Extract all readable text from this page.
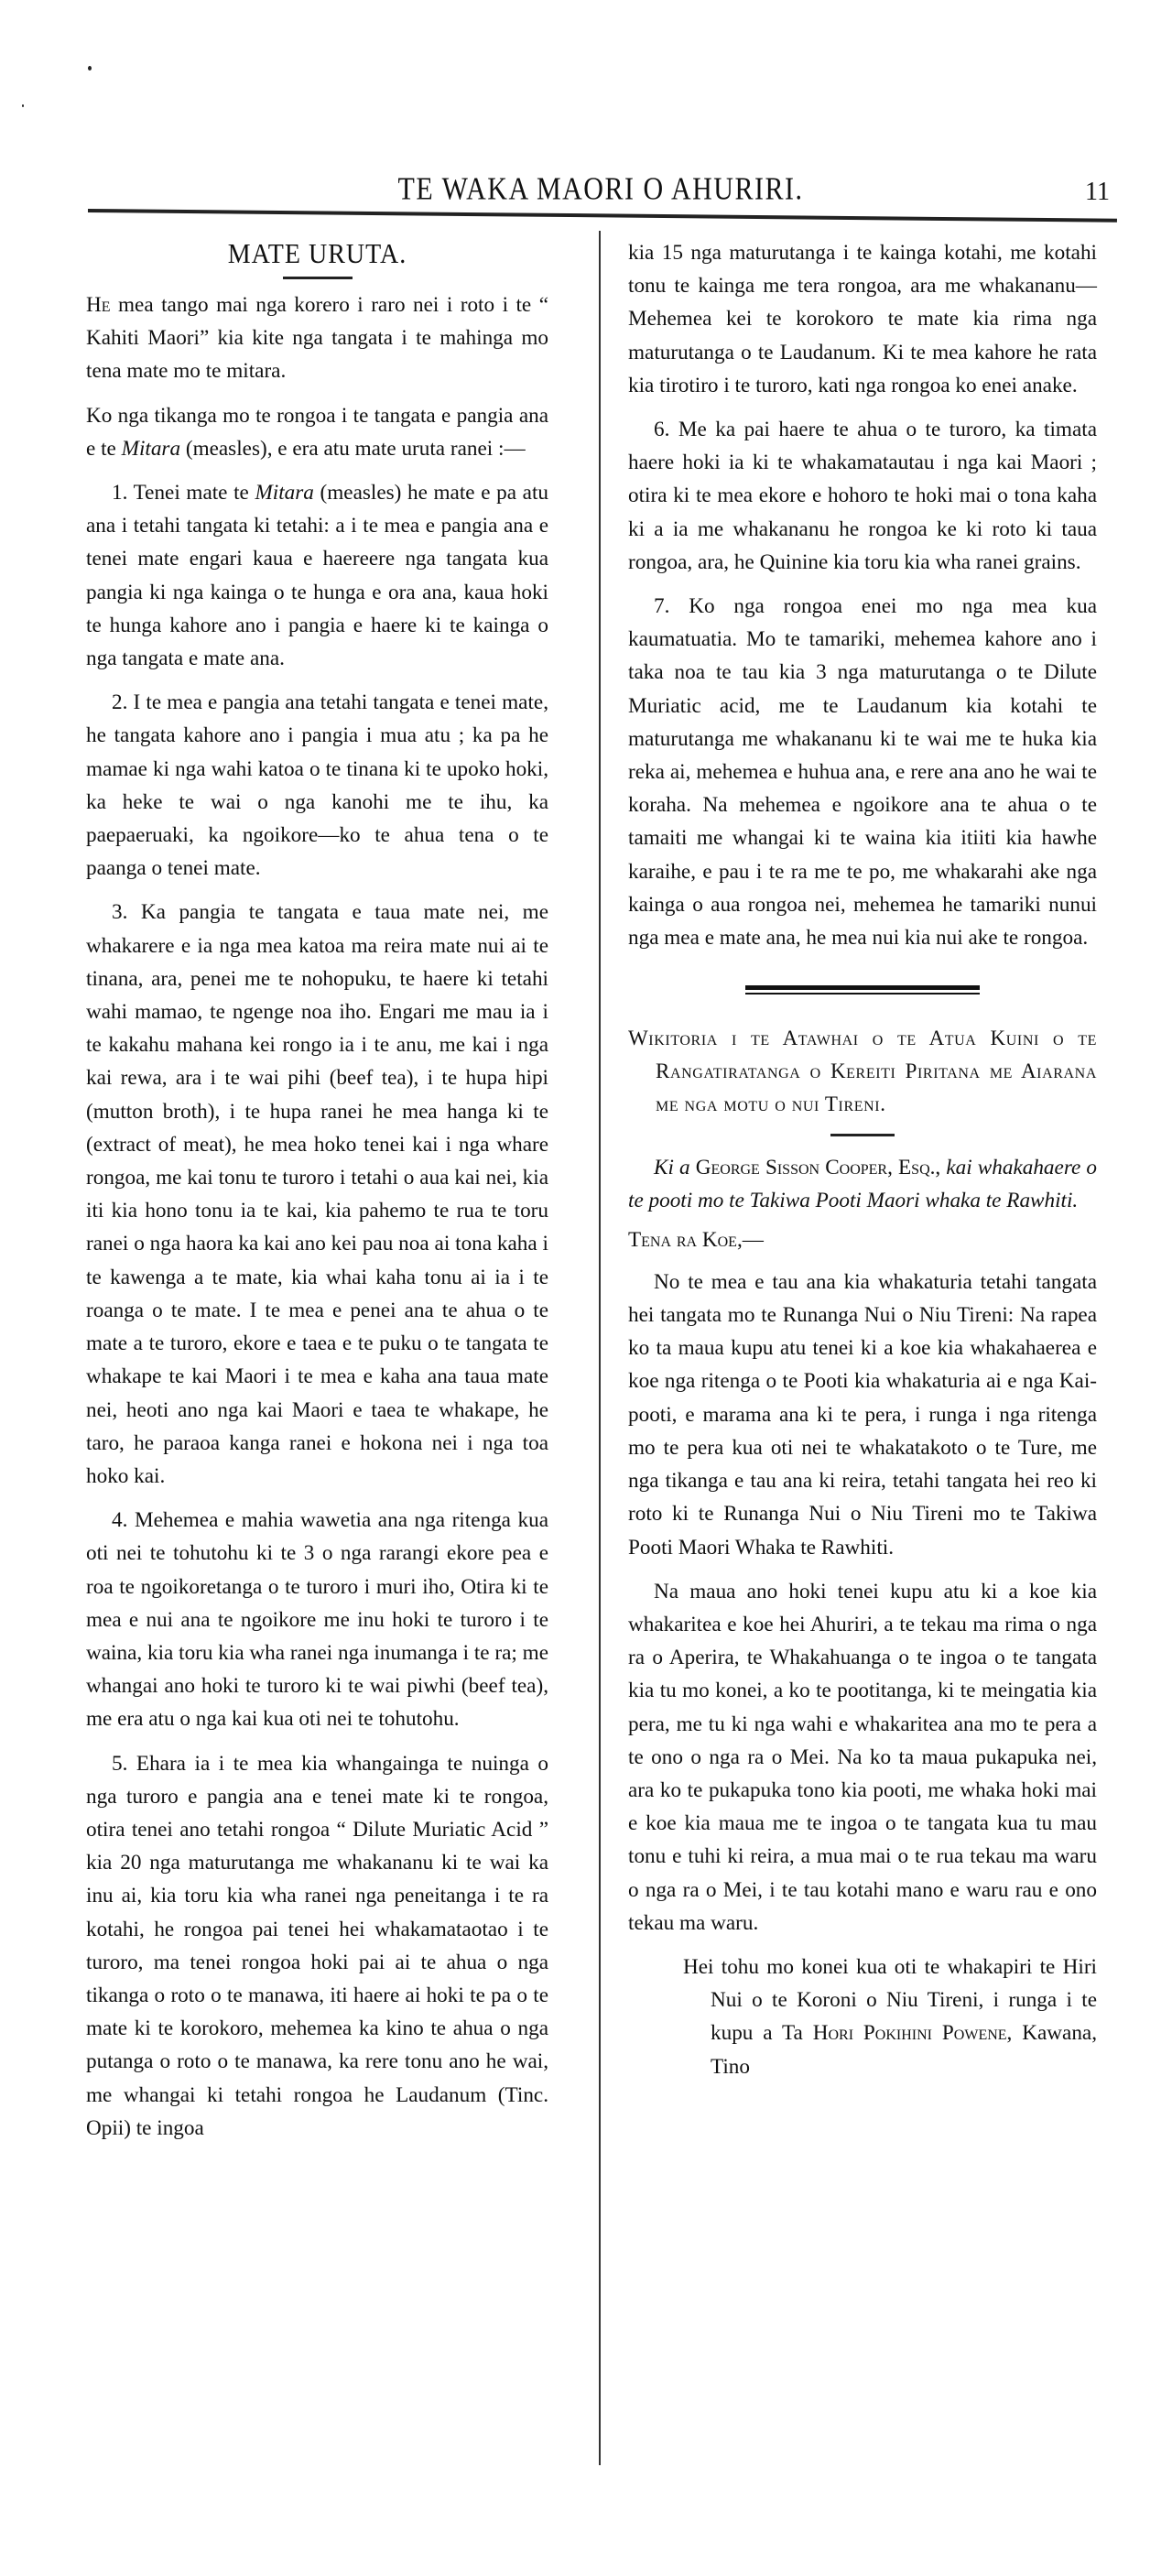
TE WAKA MAORI O AHURIRI.	11
MATE URUTA.

He mea tango mai nga korero i raro nei i roto i te “ Kahiti Maori” kia kite nga tangata i te mahinga mo tena mate mo te mitara.

Ko nga tikanga mo te rongoa i te tangata e pangia ana e te Mitara (measles), e era atu mate uruta ranei :—

1. Tenei mate te Mitara (measles) he mate e pa atu ana i tetahi tangata ki tetahi: a i te mea e pangia ana e tenei mate engari kaua e haereere nga tangata kua pangia ki nga kainga o te hunga e ora ana, kaua hoki te hunga kahore ano i pangia e haere ki te kainga o nga tangata e mate ana.

2. I te mea e pangia ana tetahi tangata e tenei mate, he tangata kahore ano i pangia i mua atu ; ka pa he mamae ki nga wahi katoa o te tinana ki te upoko hoki, ka heke te wai o nga kanohi me te ihu, ka paepaeruaki, ka ngoikore—ko te ahua tena o te paanga o tenei mate.

3. Ka pangia te tangata e taua mate nei, me whakarere e ia nga mea katoa ma reira mate nui ai te tinana, ara, penei me te nohopuku, te haere ki tetahi wahi mamao, te ngenge noa iho. Engari me mau ia i te kakahu mahana kei rongo ia i te anu, me kai i nga kai rewa, ara i te wai pihi (beef tea), i te hupa hipi (mutton broth), i te hupa ranei he mea hanga ki te (extract of meat), he mea hoko tenei kai i nga whare rongoa, me kai tonu te turoro i tetahi o aua kai nei, kia iti kia hono tonu ia te kai, kia pahemo te rua te toru ranei o nga haora ka kai ano kei pau noa ai tona kaha i te kawenga a te mate, kia whai kaha tonu ai ia i te roanga o te mate. I te mea e penei ana te ahua o te mate a te turoro, ekore e taea e te puku o te tangata te whakape te kai Maori i te mea e kaha ana taua mate nei, heoti ano nga kai Maori e taea te whakape, he taro, he paraoa kanga ranei e hokona nei i nga toa hoko kai.

4. Mehemea e mahia wawetia ana nga ritenga kua oti nei te tohutohu ki te 3 o nga rarangi ekore pea e roa te ngoikoretanga o te turoro i muri iho, Otira ki te mea e nui ana te ngoikore me inu hoki te turoro i te waina, kia toru kia wha ranei nga inumanga i te ra; me whangai ano hoki te turoro ki te wai piwhi (beef tea), me era atu o nga kai kua oti nei te tohutohu.

5. Ehara ia i te mea kia whangainga te nuinga o nga turoro e pangia ana e tenei mate ki te rongoa, otira tenei ano tetahi rongoa “ Dilute Muriatic Acid ” kia 20 nga maturutanga me whakananu ki te wai ka inu ai, kia toru kia wha ranei nga peneitanga i te ra kotahi, he rongoa pai tenei hei whakamataotao i te turoro, ma tenei rongoa hoki pai ai te ahua o nga tikanga o roto o te manawa, iti haere ai hoki te pa o te mate ki te korokoro, mehemea ka kino te ahua o nga putanga o roto o te manawa, ka rere tonu ano he wai, me whangai ki tetahi rongoa he Laudanum (Tinc. Opii) te ingoa

kia 15 nga maturutanga i te kainga kotahi, me kotahi tonu te kainga me tera rongoa, ara me whakananu—Mehemea kei te korokoro te mate kia rima nga maturutanga o te Laudanum. Ki te mea kahore he rata kia tirotiro i te turoro, kati nga rongoa ko enei anake.

6. Me ka pai haere te ahua o te turoro, ka timata haere hoki ia ki te whakamatautau i nga kai Maori ; otira ki te mea ekore e hohoro te hoki mai o tona kaha ki a ia me whakananu he rongoa ke ki roto ki taua rongoa, ara, he Quinine kia toru kia wha ranei grains.

7. Ko nga rongoa enei mo nga mea kua kaumatuatia. Mo te tamariki, mehemea kahore ano i taka noa te tau kia 3 nga maturutanga o te Dilute Muriatic acid, me te Laudanum kia kotahi te maturutanga me whakananu ki te wai me te huka kia reka ai, mehemea e huhua ana, e rere ana ano he wai te koraha. Na mehemea e ngoikore ana te ahua o te tamaiti me whangai ki te waina kia itiiti kia hawhe karaihe, e pau i te ra me te po, me whakarahi ake nga kainga o aua rongoa nei, mehemea he tamariki nunui nga mea e mate ana, he mea nui kia nui ake te rongoa.

Wikitoria i te Atawhai o te Atua Kuini o te Rangatiratanga o Kereiti Piritana me Aiarana me nga motu o nui Tireni.

Ki a George Sisson Cooper, Esq., kai whakahaere o te pooti mo te Takiwa Pooti Maori whaka te Rawhiti.

Tena ra Koe,—

No te mea e tau ana kia whakaturia tetahi tangata hei tangata mo te Runanga Nui o Niu Tireni: Na rapea ko ta maua kupu atu tenei ki a koe kia whakahaerea e koe nga ritenga o te Pooti kia whakaturia ai e nga Kai-pooti, e marama ana ki te pera, i runga i nga ritenga mo te pera kua oti nei te whakatakoto o te Ture, me nga tikanga e tau ana ki reira, tetahi tangata hei reo ki roto ki te Runanga Nui o Niu Tireni mo te Takiwa Pooti Maori Whaka te Rawhiti.

Na maua ano hoki tenei kupu atu ki a koe kia whakaritea e koe hei Ahuriri, a te tekau ma rima o nga ra o Aperira, te Whakahuanga o te ingoa o te tangata kia tu mo konei, a ko te pootitanga, ki te meingatia kia pera, me tu ki nga wahi e whakaritea ana mo te pera a te ono o nga ra o Mei. Na ko ta maua pukapuka nei, ara ko te pukapuka tono kia pooti, me whaka hoki mai e koe kia maua me te ingoa o te tangata kua tu mau tonu e tuhi ki reira, a mua mai o te rua tekau ma waru o nga ra o Mei, i te tau kotahi mano e waru rau e ono tekau ma waru.

Hei tohu mo konei kua oti te whakapiri te Hiri Nui o te Koroni o Niu Tireni, i runga i te kupu a Ta Hori Pokihini Powene, Kawana, Tino
